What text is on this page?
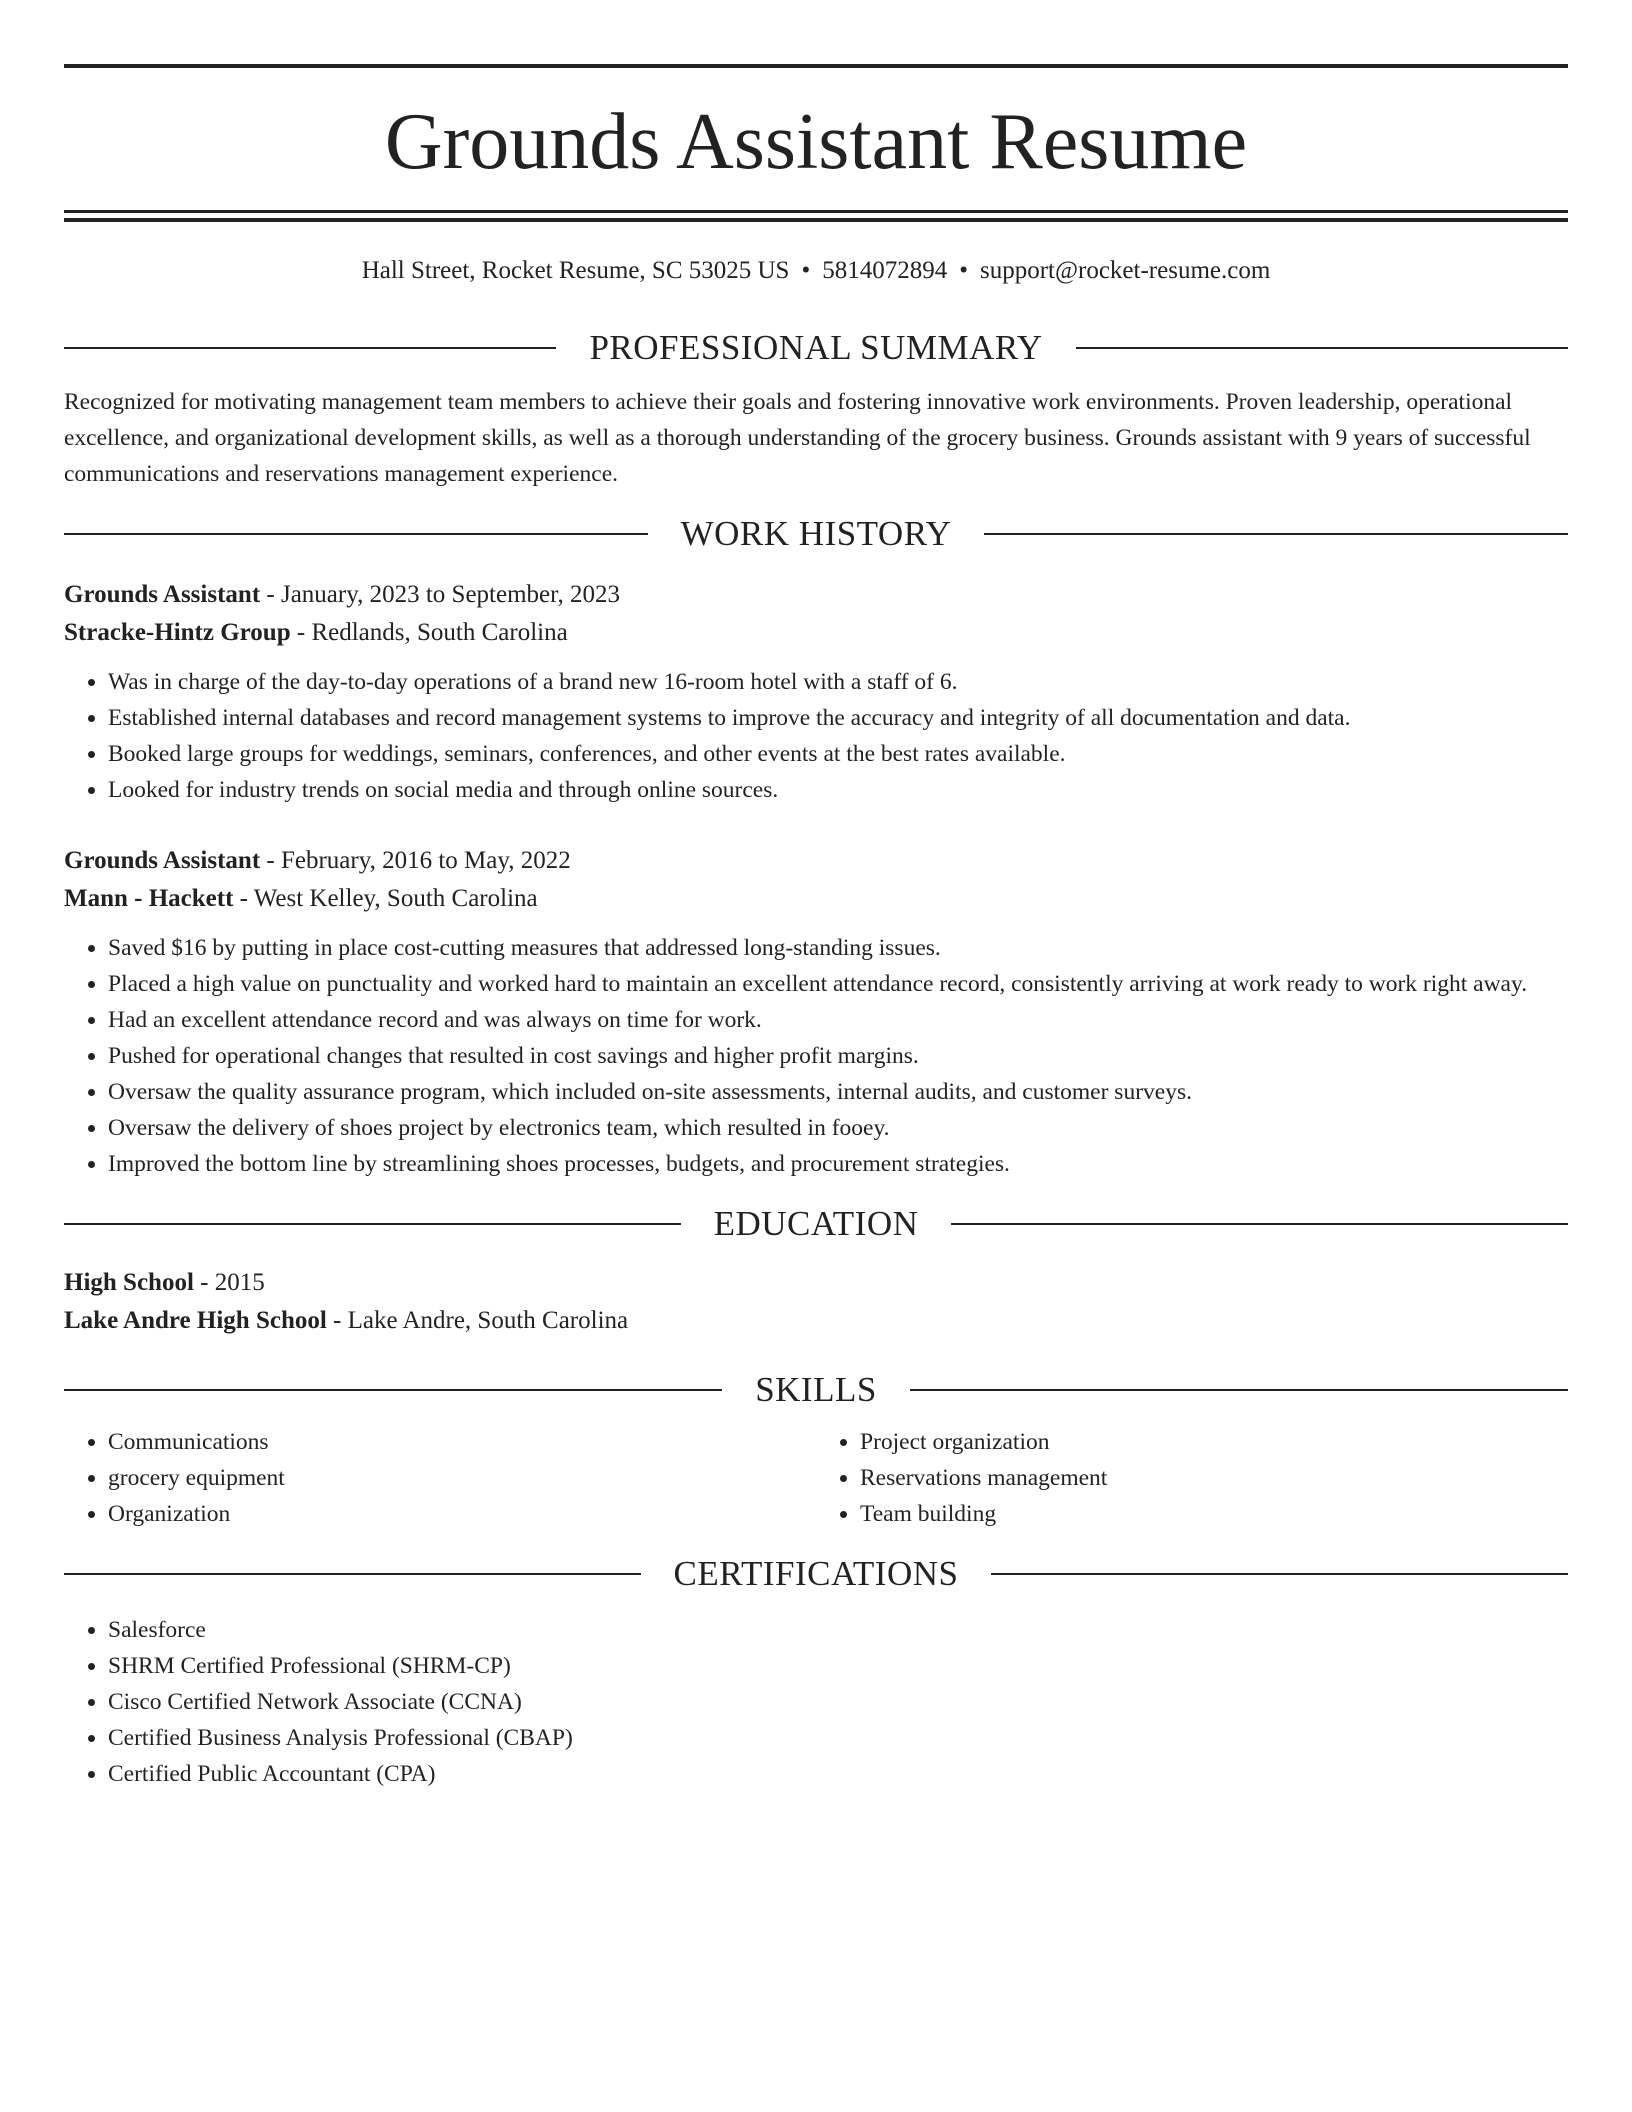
Grounds Assistant Resume
Hall Street, Rocket Resume, SC 53025 US • 5814072894 • support@rocket-resume.com
PROFESSIONAL SUMMARY

Recognized for motivating management team members to achieve their goals and fostering innovative work environments. Proven leadership, operational excellence, and organizational development skills, as well as a thorough understanding of the grocery business. Grounds assistant with 9 years of successful communications and reservations management experience.

WORK HISTORY
Grounds Assistant - January, 2023 to September, 2023
Stracke-Hintz Group - Redlands, South Carolina
• Was in charge of the day-to-day operations of a brand new 16-room hotel with a staff of 6.
• Established internal databases and record management systems to improve the accuracy and integrity of all documentation and data.
• Booked large groups for weddings, seminars, conferences, and other events at the best rates available.
• Looked for industry trends on social media and through online sources.
Grounds Assistant - February, 2016 to May, 2022
Mann - Hackett - West Kelley, South Carolina
• Saved $16 by putting in place cost-cutting measures that addressed long-standing issues.
• Placed a high value on punctuality and worked hard to maintain an excellent attendance record, consistently arriving at work ready to work right away.
• Had an excellent attendance record and was always on time for work.
• Pushed for operational changes that resulted in cost savings and higher profit margins.
• Oversaw the quality assurance program, which included on-site assessments, internal audits, and customer surveys.
• Oversaw the delivery of shoes project by electronics team, which resulted in fooey.
• Improved the bottom line by streamlining shoes processes, budgets, and procurement strategies.
EDUCATION
High School - 2015
Lake Andre High School - Lake Andre, South Carolina
SKILLS
• Communications
• grocery equipment
• Organization
• Project organization
• Reservations management
• Team building
CERTIFICATIONS
• Salesforce
• SHRM Certified Professional (SHRM-CP)
• Cisco Certified Network Associate (CCNA)
• Certified Business Analysis Professional (CBAP)
• Certified Public Accountant (CPA)
